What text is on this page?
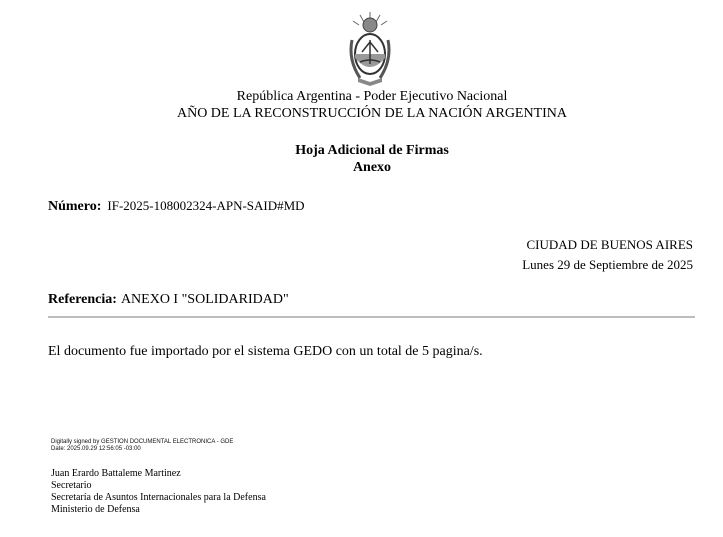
República Argentina - Poder Ejecutivo Nacional
AÑO DE LA RECONSTRUCCIÓN DE LA NACIÓN ARGENTINA
Hoja Adicional de Firmas
Anexo
Número: IF-2025-108002324-APN-SAID#MD
CIUDAD DE BUENOS AIRES
Lunes 29 de Septiembre de 2025
Referencia: ANEXO I "SOLIDARIDAD"
El documento fue importado por el sistema GEDO con un total de 5 pagina/s.
Digitally signed by GESTION DOCUMENTAL ELECTRONICA - GDE
Date: 2025.09.29 12:56:05 -03:00
Juan Erardo Battaleme Martinez
Secretario
Secretaría de Asuntos Internacionales para la Defensa
Ministerio de Defensa
